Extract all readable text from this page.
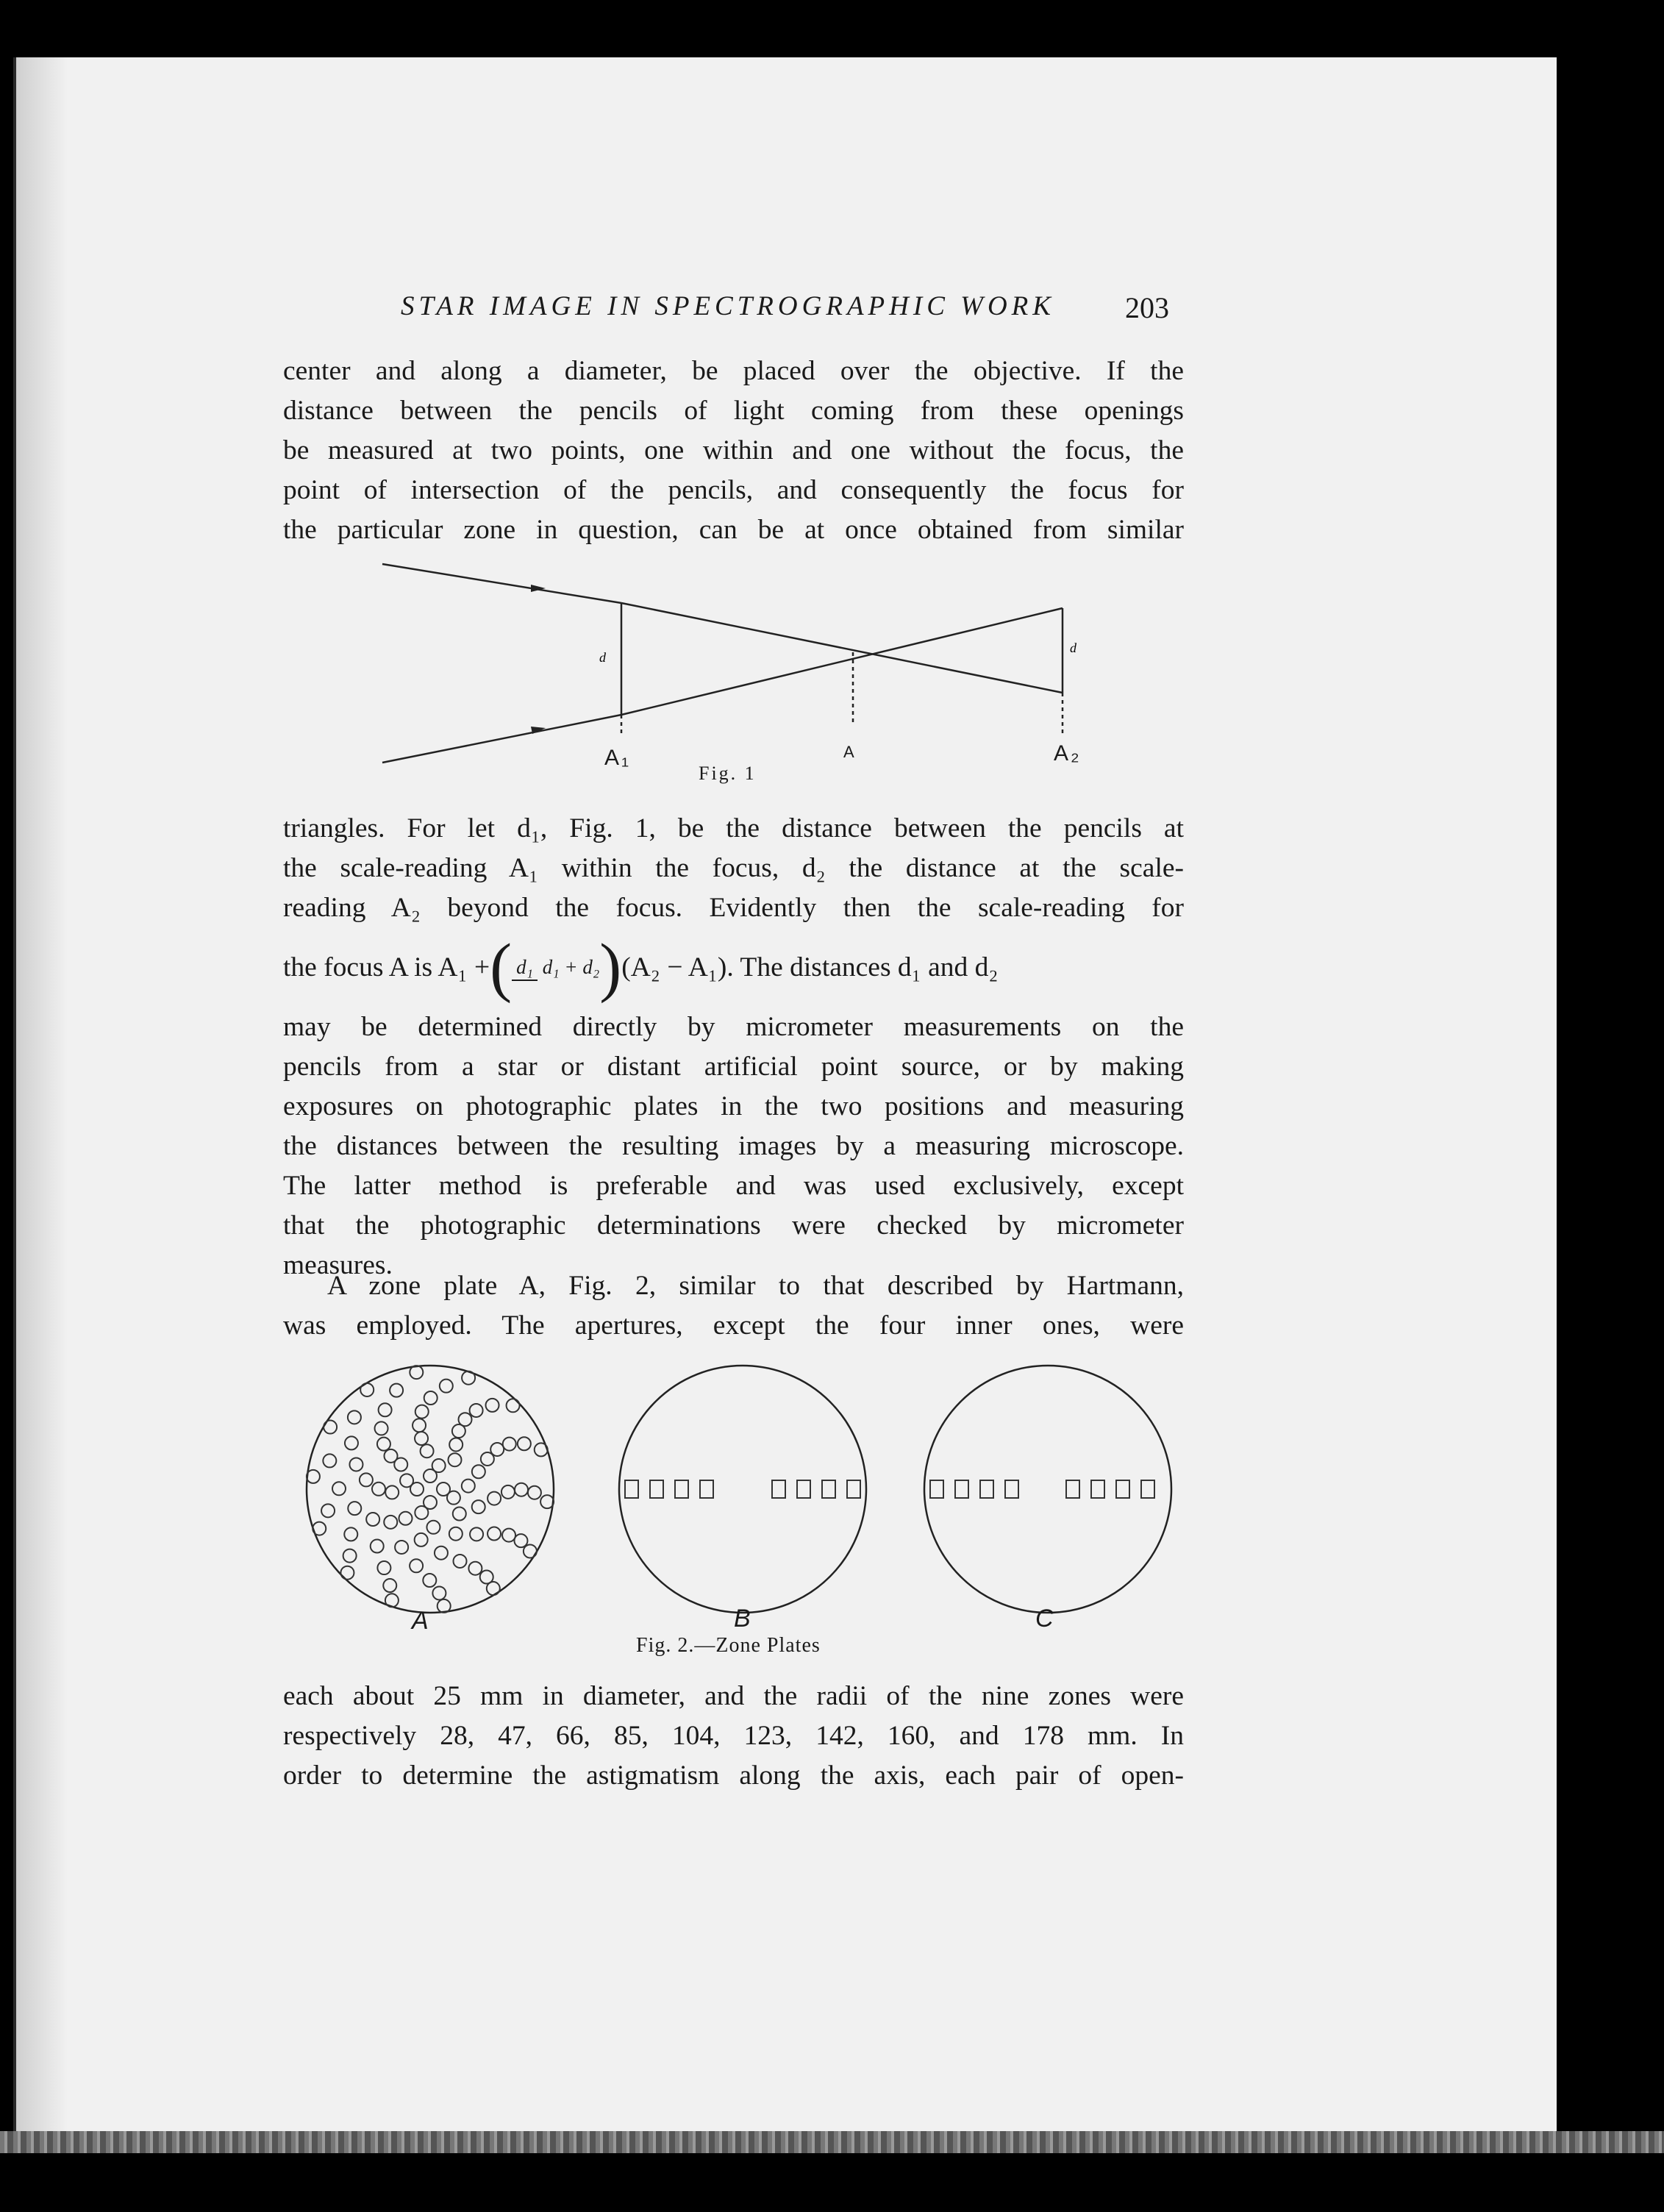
STAR IMAGE IN SPECTROGRAPHIC WORK 203
center and along a diameter, be placed over the objective. If the
distance between the pencils of light coming from these openings
be measured at two points, one within and one without the focus, the
point of intersection of the pencils, and consequently the focus for
the particular zone in question, can be at once obtained from similar
d
d
A₁	A	A₂
Fig. 1
triangles. For let d₁, Fig. 1, be the distance between the pencils at
the scale-reading A₁ within the focus, d₂ the distance at the scale-
reading A₂ beyond the focus. Evidently then the scale-reading for
the focus A is A₁ + ( d₁ d₁ + d₂ ) (A₂ − A₁). The distances d₁ and d₂
may be determined directly by micrometer measurements on the
pencils from a star or distant artificial point source, or by making
exposures on photographic plates in the two positions and measuring
the distances between the resulting images by a measuring microscope.
The latter method is preferable and was used exclusively, except
that the photographic determinations were checked by micrometer
measures.
A zone plate A, Fig. 2, similar to that described by Hartmann,
was employed. The apertures, except the four inner ones, were
A	B	C
Fig. 2.—Zone Plates
each about 25 mm in diameter, and the radii of the nine zones were
respectively 28, 47, 66, 85, 104, 123, 142, 160, and 178 mm. In
order to determine the astigmatism along the axis, each pair of open-
